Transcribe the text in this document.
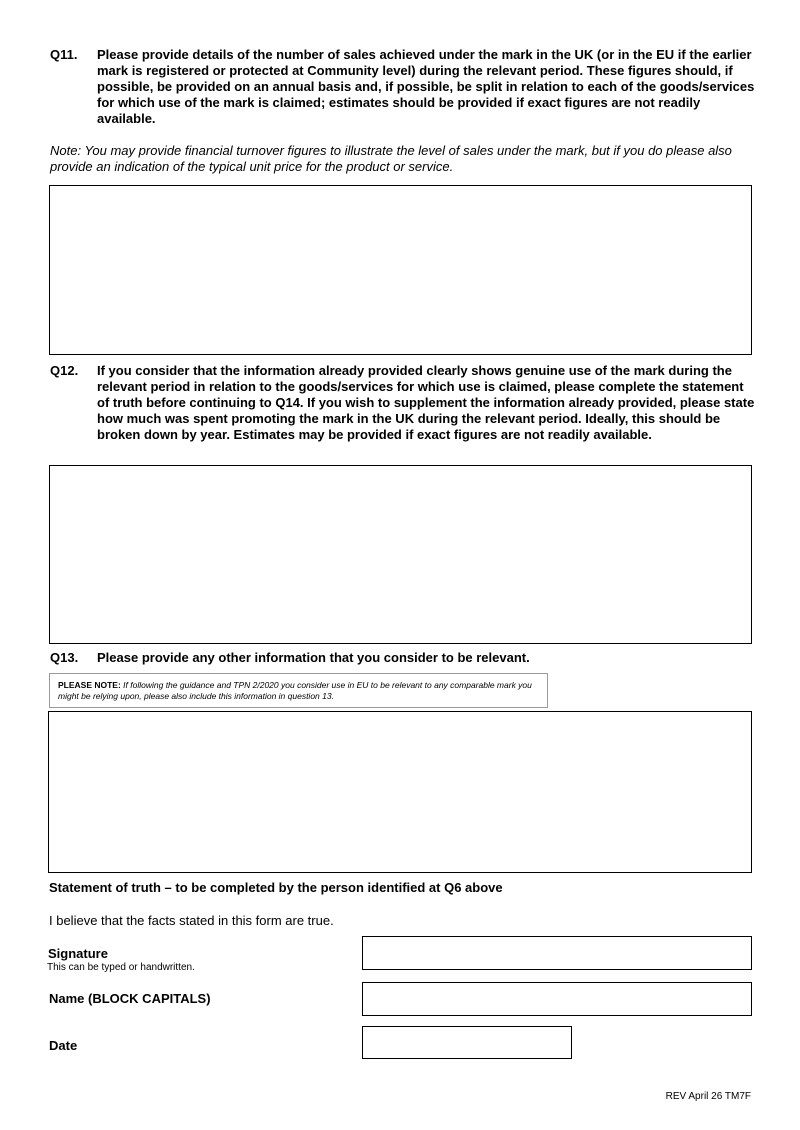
Q11. Please provide details of the number of sales achieved under the mark in the UK (or in the EU if the earlier mark is registered or protected at Community level) during the relevant period. These figures should, if possible, be provided on an annual basis and, if possible, be split in relation to each of the goods/services for which use of the mark is claimed; estimates should be provided if exact figures are not readily available.
Note: You may provide financial turnover figures to illustrate the level of sales under the mark, but if you do please also provide an indication of the typical unit price for the product or service.
Q12. If you consider that the information already provided clearly shows genuine use of the mark during the relevant period in relation to the goods/services for which use is claimed, please complete the statement of truth before continuing to Q14. If you wish to supplement the information already provided, please state how much was spent promoting the mark in the UK during the relevant period. Ideally, this should be broken down by year. Estimates may be provided if exact figures are not readily available.
Q13. Please provide any other information that you consider to be relevant.
PLEASE NOTE: If following the guidance and TPN 2/2020 you consider use in EU to be relevant to any comparable mark you might be relying upon, please also include this information in question 13.
Statement of truth – to be completed by the person identified at Q6 above
I believe that the facts stated in this form are true.
Signature
This can be typed or handwritten.
Name (BLOCK CAPITALS)
Date
REV April 26 TM7F
